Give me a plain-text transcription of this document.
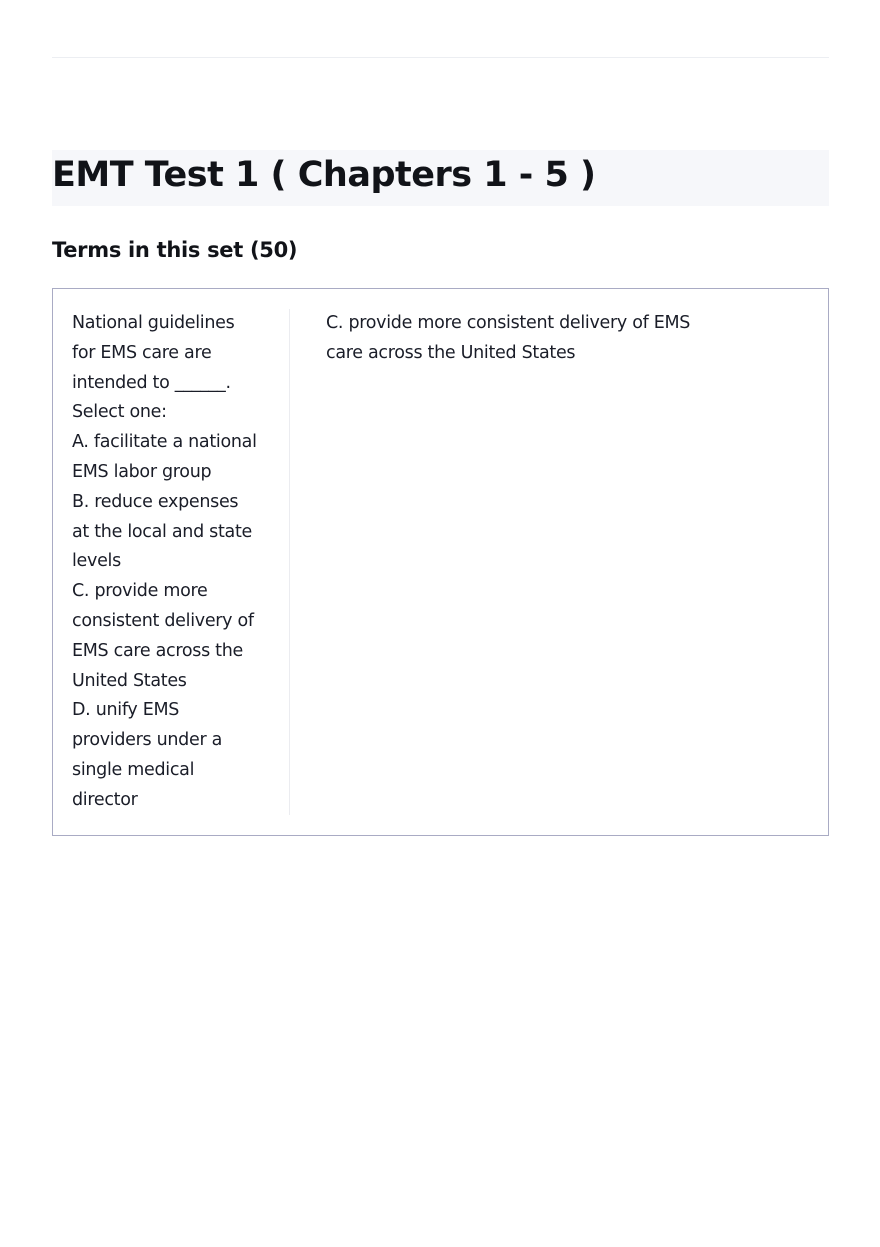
EMT Test 1 ( Chapters 1 - 5 )
Terms in this set (50)
National guidelines
for EMS care are
intended to ______.
Select one:
A. facilitate a national
EMS labor group
B. reduce expenses
at the local and state
levels
C. provide more
consistent delivery of
EMS care across the
United States
D. unify EMS
providers under a
single medical
director
C. provide more consistent delivery of EMS
care across the United States
